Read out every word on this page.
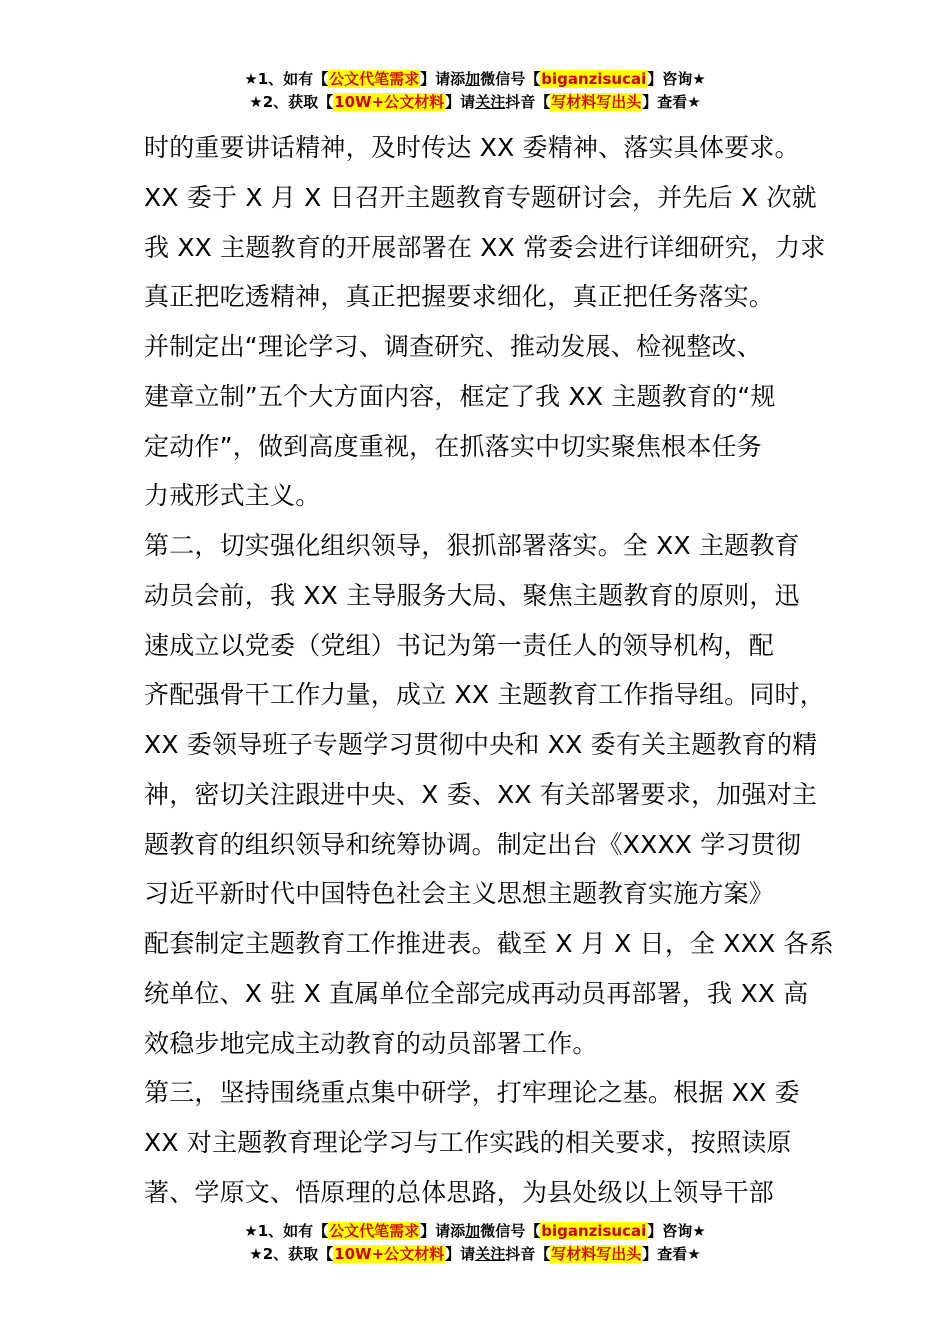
★1、如有【公文代笔需求】请添加微信号【biganzisucai】咨询★
★2、获取【10W+公文材料】请关注抖音【写材料写出头】查看★
时的重要讲话精神，及时传达 XX 委精神、落实具体要求。
XX 委于 X 月 X 日召开主题教育专题研讨会，并先后 X 次就
我 XX 主题教育的开展部署在 XX 常委会进行详细研究，力求
真正把吃透精神，真正把握要求细化，真正把任务落实。
并制定出“理论学习、调查研究、推动发展、检视整改、
建章立制”五个大方面内容，框定了我 XX 主题教育的“规
定动作”，做到高度重视，在抓落实中切实聚焦根本任务
力戒形式主义。
第二，切实强化组织领导，狠抓部署落实。全 XX 主题教育
动员会前，我 XX 主导服务大局、聚焦主题教育的原则，迅
速成立以党委（党组）书记为第一责任人的领导机构，配
齐配强骨干工作力量，成立 XX 主题教育工作指导组。同时，
XX 委领导班子专题学习贯彻中央和 XX 委有关主题教育的精
神，密切关注跟进中央、X 委、XX 有关部署要求，加强对主
题教育的组织领导和统筹协调。制定出台《XXXX 学习贯彻
习近平新时代中国特色社会主义思想主题教育实施方案》
配套制定主题教育工作推进表。截至 X 月 X 日，全 XXX 各系
统单位、X 驻 X 直属单位全部完成再动员再部署，我 XX 高
效稳步地完成主动教育的动员部署工作。
第三，坚持围绕重点集中研学，打牢理论之基。根据 XX 委
XX 对主题教育理论学习与工作实践的相关要求，按照读原
著、学原文、悟原理的总体思路，为县处级以上领导干部
★1、如有【公文代笔需求】请添加微信号【biganzisucai】咨询★
★2、获取【10W+公文材料】请关注抖音【写材料写出头】查看★
